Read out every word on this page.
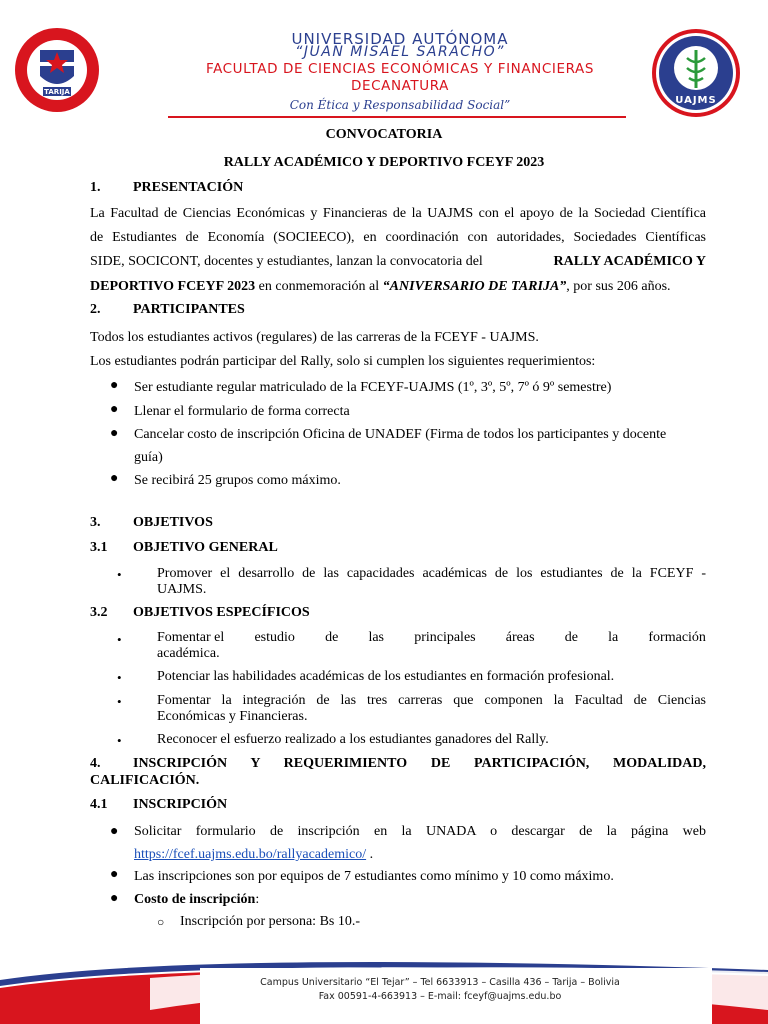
TARIJA
UAJMS
UNIVERSIDAD AUTÓNOMA
“JUAN MISAEL SARACHO”
FACULTAD DE CIENCIAS ECONÓMICAS Y FINANCIERAS
DECANATURA
Con Ética y Responsabilidad Social”
CONVOCATORIA
RALLY ACADÉMICO Y DEPORTIVO FCEYF 2023
1. PRESENTACIÓN
La Facultad de Ciencias Económicas y Financieras de la UAJMS con el apoyo de la Sociedad Científica
de Estudiantes de Economía (SOCIEECO), en coordinación con autoridades, Sociedades Científicas
SIDE, SOCICONT, docentes y estudiantes, lanzan la convocatoria del	RALLY ACADÉMICO Y
DEPORTIVO FCEYF 2023 en conmemoración al “ANIVERSARIO DE TARIJA”, por sus 206 años.
2. PARTICIPANTES
Todos los estudiantes activos (regulares) de las carreras de la FCEYF - UAJMS.
Los estudiantes podrán participar del Rally, solo si cumplen los siguientes requerimientos:
● Ser estudiante regular matriculado de la FCEYF-UAJMS (1º, 3º, 5º, 7º ó 9º semestre)
● Llenar el formulario de forma correcta
● Cancelar costo de inscripción Oficina de UNADEF (Firma de todos los participantes y docente
guía)
● Se recibirá 25 grupos como máximo.
3. OBJETIVOS
3.1 OBJETIVO GENERAL
•	Promover el desarrollo de las capacidades académicas de los estudiantes de la FCEYF -
UAJMS.
3.2 OBJETIVOS ESPECÍFICOS
•	Fomentar el estudio de las principales áreas de la formación
académica.
•	Potenciar las habilidades académicas de los estudiantes en formación profesional.
•	Fomentar la integración de las tres carreras que componen la Facultad de Ciencias
Económicas y Financieras.
•	Reconocer el esfuerzo realizado a los estudiantes ganadores del Rally.
4. INSCRIPCIÓN Y REQUERIMIENTO DE PARTICIPACIÓN, MODALIDAD,
CALIFICACIÓN.
4.1 INSCRIPCIÓN
● Solicitar formulario de inscripción en la UNADA o descargar de la página web
https://fcef.uajms.edu.bo/rallyacademico/ .
● Las inscripciones son por equipos de 7 estudiantes como mínimo y 10 como máximo.
● Costo de inscripción:
○ Inscripción por persona: Bs 10.-
Campus Universitario “El Tejar” – Tel 6633913 – Casilla 436 – Tarija – Bolivia
Fax 00591-4-663913 – E-mail: fceyf@uajms.edu.bo
